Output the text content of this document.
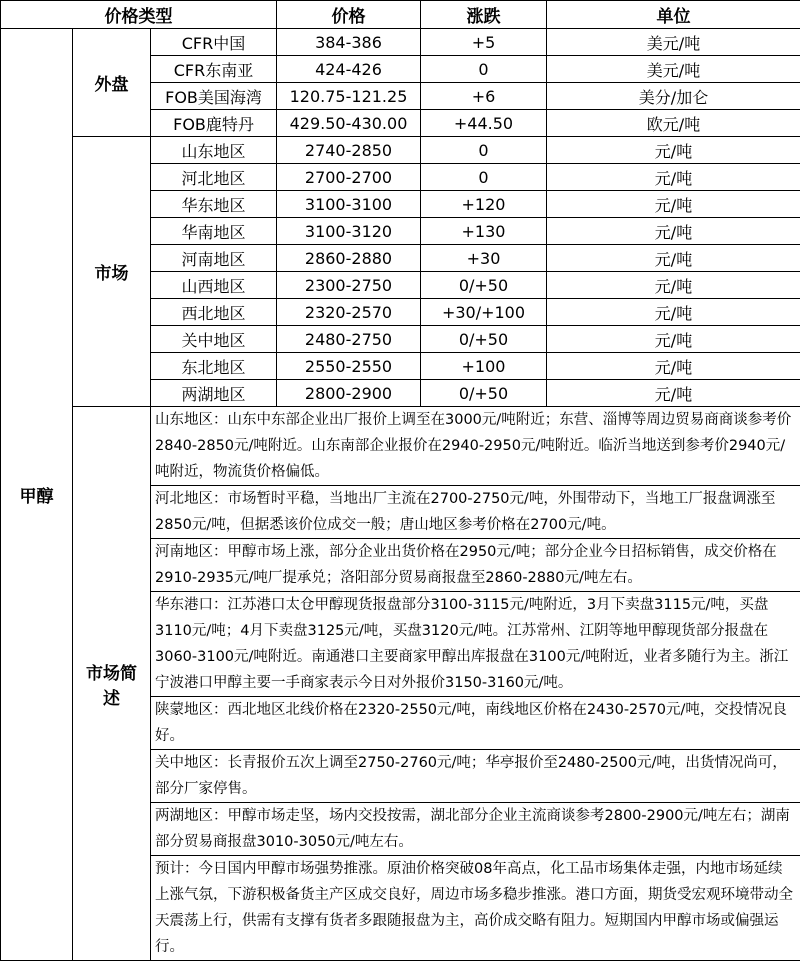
价格类型			价格	涨跌	单位
甲醇	外盘	CFR中国	384-386	+5	美元/吨
		CFR东南亚	424-426	0	美元/吨
		FOB美国海湾	120.75-121.25	+6	美分/加仑
		FOB鹿特丹	429.50-430.00	+44.50	欧元/吨
	市场	山东地区	2740-2850	0	元/吨
		河北地区	2700-2700	0	元/吨
		华东地区	3100-3100	+120	元/吨
		华南地区	3100-3120	+130	元/吨
		河南地区	2860-2880	+30	元/吨
		山西地区	2300-2750	0/+50	元/吨
		西北地区	2320-2570	+30/+100	元/吨
		关中地区	2480-2750	0/+50	元/吨
		东北地区	2550-2550	+100	元/吨
		两湖地区	2800-2900	0/+50	元/吨
	市场简述	山东地区：山东中东部企业出厂报价上调至在3000元/吨附近；东营、淄博等周边贸易商商谈参考价2840-2850元/吨附近。山东南部企业报价在2940-2950元/吨附近。临沂当地送到参考价2940元/吨附近，物流货价格偏低。			
		河北地区：市场暂时平稳，当地出厂主流在2700-2750元/吨，外围带动下，当地工厂报盘调涨至2850元/吨，但据悉该价位成交一般；唐山地区参考价格在2700元/吨。			
		河南地区：甲醇市场上涨，部分企业出货价格在2950元/吨；部分企业今日招标销售，成交价格在2910-2935元/吨厂提承兑；洛阳部分贸易商报盘至2860-2880元/吨左右。			
		华东港口：江苏港口太仓甲醇现货报盘部分3100-3115元/吨附近，3月下卖盘3115元/吨，买盘3110元/吨；4月下卖盘3125元/吨，买盘3120元/吨。江苏常州、江阴等地甲醇现货部分报盘在3060-3100元/吨附近。南通港口主要商家甲醇出库报盘在3100元/吨附近，业者多随行为主。浙江宁波港口甲醇主要一手商家表示今日对外报价3150-3160元/吨。			
		陕蒙地区：西北地区北线价格在2320-2550元/吨，南线地区价格在2430-2570元/吨，交投情况良好。			
		关中地区：长青报价五次上调至2750-2760元/吨；华亭报价至2480-2500元/吨，出货情况尚可，部分厂家停售。			
		两湖地区：甲醇市场走坚，场内交投按需，湖北部分企业主流商谈参考2800-2900元/吨左右；湖南部分贸易商报盘3010-3050元/吨左右。			
		预计：今日国内甲醇市场强势推涨。原油价格突破08年高点，化工品市场集体走强，内地市场延续上涨气氛，下游积极备货主产区成交良好，周边市场多稳步推涨。港口方面，期货受宏观环境带动全天震荡上行，供需有支撑有货者多跟随报盘为主，高价成交略有阻力。短期国内甲醇市场或偏强运行。			
